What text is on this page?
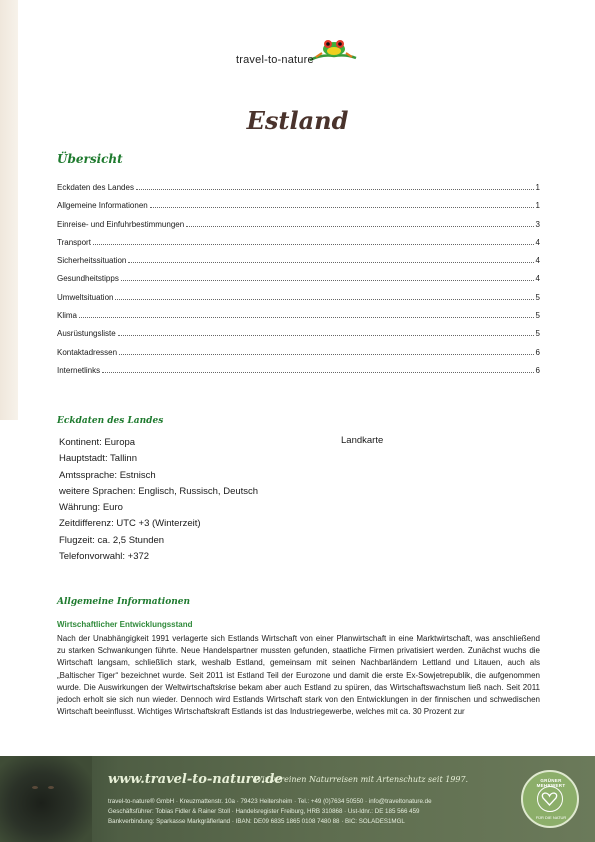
travel-to-nature
Estland
Übersicht
Eckdaten des Landes	1
Allgemeine Informationen	1
Einreise- und Einfuhrbestimmungen	3
Transport	4
Sicherheitssituation	4
Gesundheitstipps	4
Umweltsituation	5
Klima	5
Ausrüstungsliste	5
Kontaktadressen	6
Internetlinks	6
Eckdaten des Landes
Kontinent: Europa
Hauptstadt: Tallinn
Amtssprache: Estnisch
weitere Sprachen: Englisch, Russisch, Deutsch
Währung: Euro
Zeitdifferenz: UTC +3 (Winterzeit)
Flugzeit: ca. 2,5 Stunden
Telefonvorwahl: +372
Landkarte
Allgemeine Informationen
Wirtschaftlicher Entwicklungsstand
Nach der Unabhängigkeit 1991 verlagerte sich Estlands Wirtschaft von einer Planwirtschaft in eine Marktwirtschaft, was anschließend zu starken Schwankungen führte. Neue Handelspartner mussten gefunden, staatliche Firmen privatisiert werden. Zunächst wuchs die Wirtschaft langsam, schließlich stark, weshalb Estland, gemeinsam mit seinen Nachbarländern Lettland und Litauen, auch als „Baltischer Tiger“ bezeichnet wurde. Seit 2011 ist Estland Teil der Eurozone und damit die erste Ex-Sowjetrepublik, die aufgenommen wurde. Die Auswirkungen der Weltwirtschaftskrise bekam aber auch Estland zu spüren, das Wirtschaftswachstum ließ nach. Seit 2011 jedoch erholt sie sich nun wieder. Dennoch wird Estlands Wirtschaft stark von den Entwicklungen in der finnischen und schwedischen Wirtschaft beeinflusst. Wichtiges Wirtschaftskraft Estlands ist das Industriegewerbe, welches mit ca. 30 Prozent zur
www.travel-to-nature.de
Wir vereinen Naturreisen mit Artenschutz seit 1997.
travel-to-nature® GmbH · Kreuzmattenstr. 10a · 79423 Heitersheim · Tel.: +49 (0)7634 50550 · info@traveltonature.de
Geschäftsführer: Tobias Fidler & Rainer Stoll · Handelsregister Freiburg, HRB 310868 · Ust-Idnr.: DE 185 566 459
Bankverbindung: Sparkasse Markgräflerland · IBAN: DE09 6835 1865 0108 7480 88 · BIC: SOLADES1MGL
GRÜNER MEHRWERT
FÜR DIE NATUR
